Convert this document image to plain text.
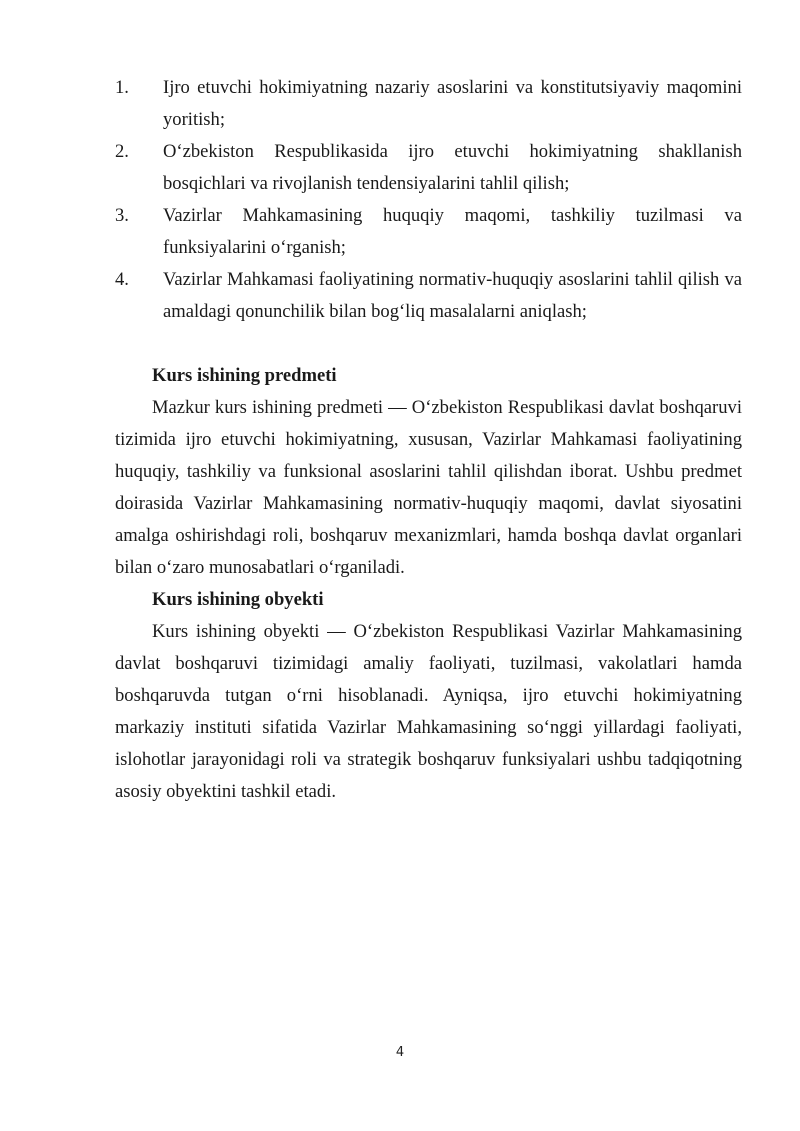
1.	Ijro etuvchi hokimiyatning nazariy asoslarini va konstitutsiyaviy maqomini yoritish;
2.	O‘zbekiston Respublikasida ijro etuvchi hokimiyatning shakllanish bosqichlari va rivojlanish tendensiyalarini tahlil qilish;
3.	Vazirlar Mahkamasining huquqiy maqomi, tashkiliy tuzilmasi va funksiyalarini o‘rganish;
4.	Vazirlar Mahkamasi faoliyatining normativ-huquqiy asoslarini tahlil qilish va amaldagi qonunchilik bilan bog‘liq masalalarni aniqlash;

Kurs ishining predmeti

Mazkur kurs ishining predmeti — O‘zbekiston Respublikasi davlat boshqaruvi tizimida ijro etuvchi hokimiyatning, xususan, Vazirlar Mahkamasi faoliyatining huquqiy, tashkiliy va funksional asoslarini tahlil qilishdan iborat. Ushbu predmet doirasida Vazirlar Mahkamasining normativ-huquqiy maqomi, davlat siyosatini amalga oshirishdagi roli, boshqaruv mexanizmlari, hamda boshqa davlat organlari bilan o‘zaro munosabatlari o‘rganiladi.

Kurs ishining obyekti

Kurs ishining obyekti — O‘zbekiston Respublikasi Vazirlar Mahkamasining davlat boshqaruvi tizimidagi amaliy faoliyati, tuzilmasi, vakolatlari hamda boshqaruvda tutgan o‘rni hisoblanadi. Ayniqsa, ijro etuvchi hokimiyatning markaziy instituti sifatida Vazirlar Mahkamasining so‘nggi yillardagi faoliyati, islohotlar jarayonidagi roli va strategik boshqaruv funksiyalari ushbu tadqiqotning asosiy obyektini tashkil etadi.

4
